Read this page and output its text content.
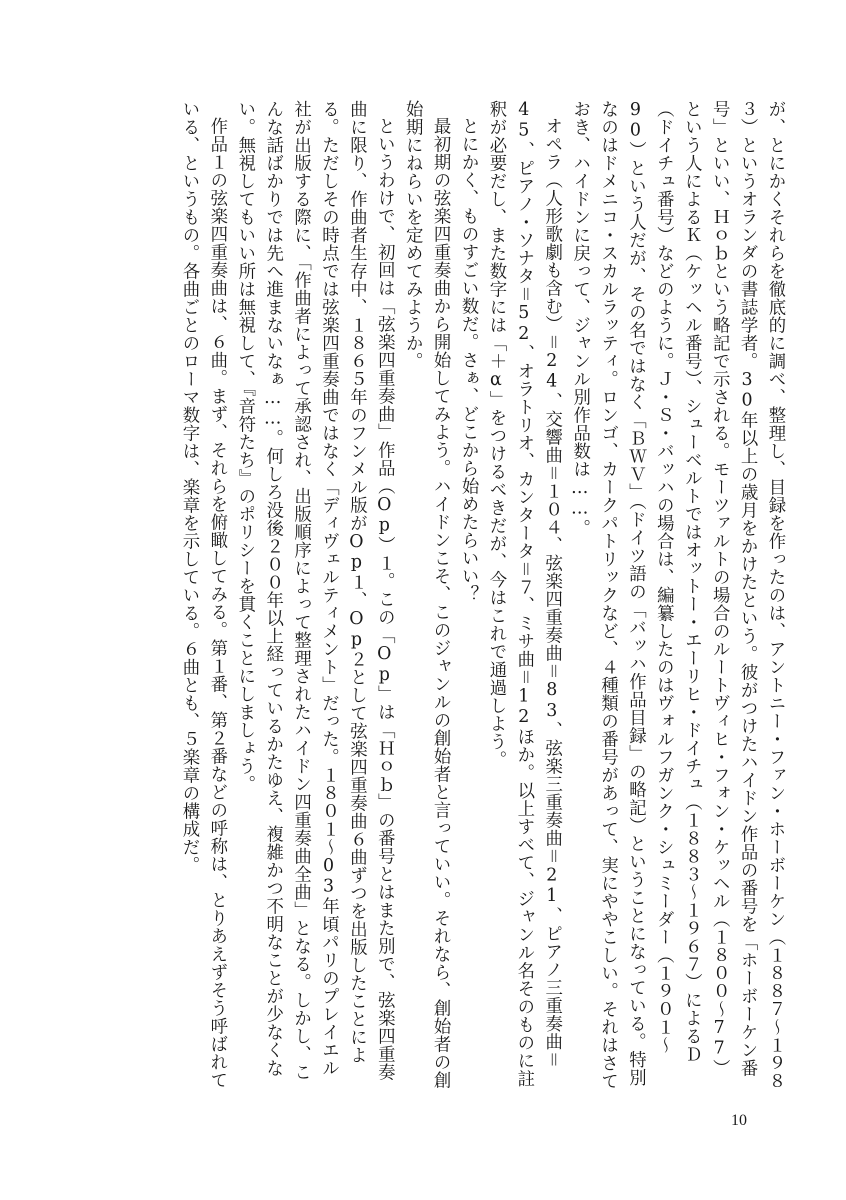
が、とにかくそれらを徹底的に調べ、整理し、目録を作ったのは、アントニー・ファン・ホーボーケン（１８８７〜１９８３）というオランダの書誌学者。30年以上の歳月をかけたという。彼がつけたハイドン作品の番号を「ホーボーケン番号」といい、Ｈｏｂという略記で示される。モーツァルトの場合のルートヴィヒ・フォン・ケッヘル（１８００〜77）という人によるＫ（ケッヘル番号）、シューベルトではオットー・エーリヒ・ドイチュ（１８８３〜１９６７）によるＤ（ドイチュ番号）などのように。Ｊ・Ｓ・バッハの場合は、編纂したのはヴォルフガンク・シュミーダー（１９０１〜90）という人だが、その名ではなく「ＢＷＶ」（ドイツ語の「バッハ作品目録」の略記）ということになっている。特別なのはドメニコ・スカルラッティ。ロンゴ、カークパトリックなど、４種類の番号があって、実にややこしい。それはさておき、ハイドンに戻って、ジャンル別作品数は……。

オペラ（人形歌劇も含む）＝24、交響曲＝１０４、弦楽四重奏曲＝83、弦楽三重奏曲＝21、ピアノ三重奏曲＝45、ピアノ・ソナタ＝52、オラトリオ、カンタータ＝７、ミサ曲＝12ほか。以上すべて、ジャンル名そのものに註釈が必要だし、また数字には「＋α」をつけるべきだが、今はこれで通過しよう。

とにかく、ものすごい数だ。さぁ、どこから始めたらいい？

最初期の弦楽四重奏曲から開始してみよう。ハイドンこそ、このジャンルの創始者と言っていい。それなら、創始者の創始期にねらいを定めてみようか。

というわけで、初回は「弦楽四重奏曲」作品（Op）１。この「Op」は「Ｈｏｂ」の番号とはまた別で、弦楽四重奏曲に限り、作曲者生存中、１８６５年のフンメル版がOp１、Op２として弦楽四重奏曲６曲ずつを出版したことによる。ただしその時点では弦楽四重奏曲ではなく「ディヴェルティメント」だった。１８０１〜03年頃パリのプレイエル社が出版する際に、「作曲者によって承認され、出版順序によって整理されたハイドン四重奏曲全曲」となる。しかし、こんな話ばかりでは先へ進まないなぁ……。何しろ没後２００年以上経っているかたゆえ、複雑かつ不明なことが少なくない。無視してもいい所は無視して、『音符たち』のポリシーを貫くことにしましょう。

作品１の弦楽四重奏曲は、６曲。まず、それらを俯瞰してみる。第１番、第２番などの呼称は、とりあえずそう呼ばれている、というもの。各曲ごとのローマ数字は、楽章を示している。６曲とも、５楽章の構成だ。

10
